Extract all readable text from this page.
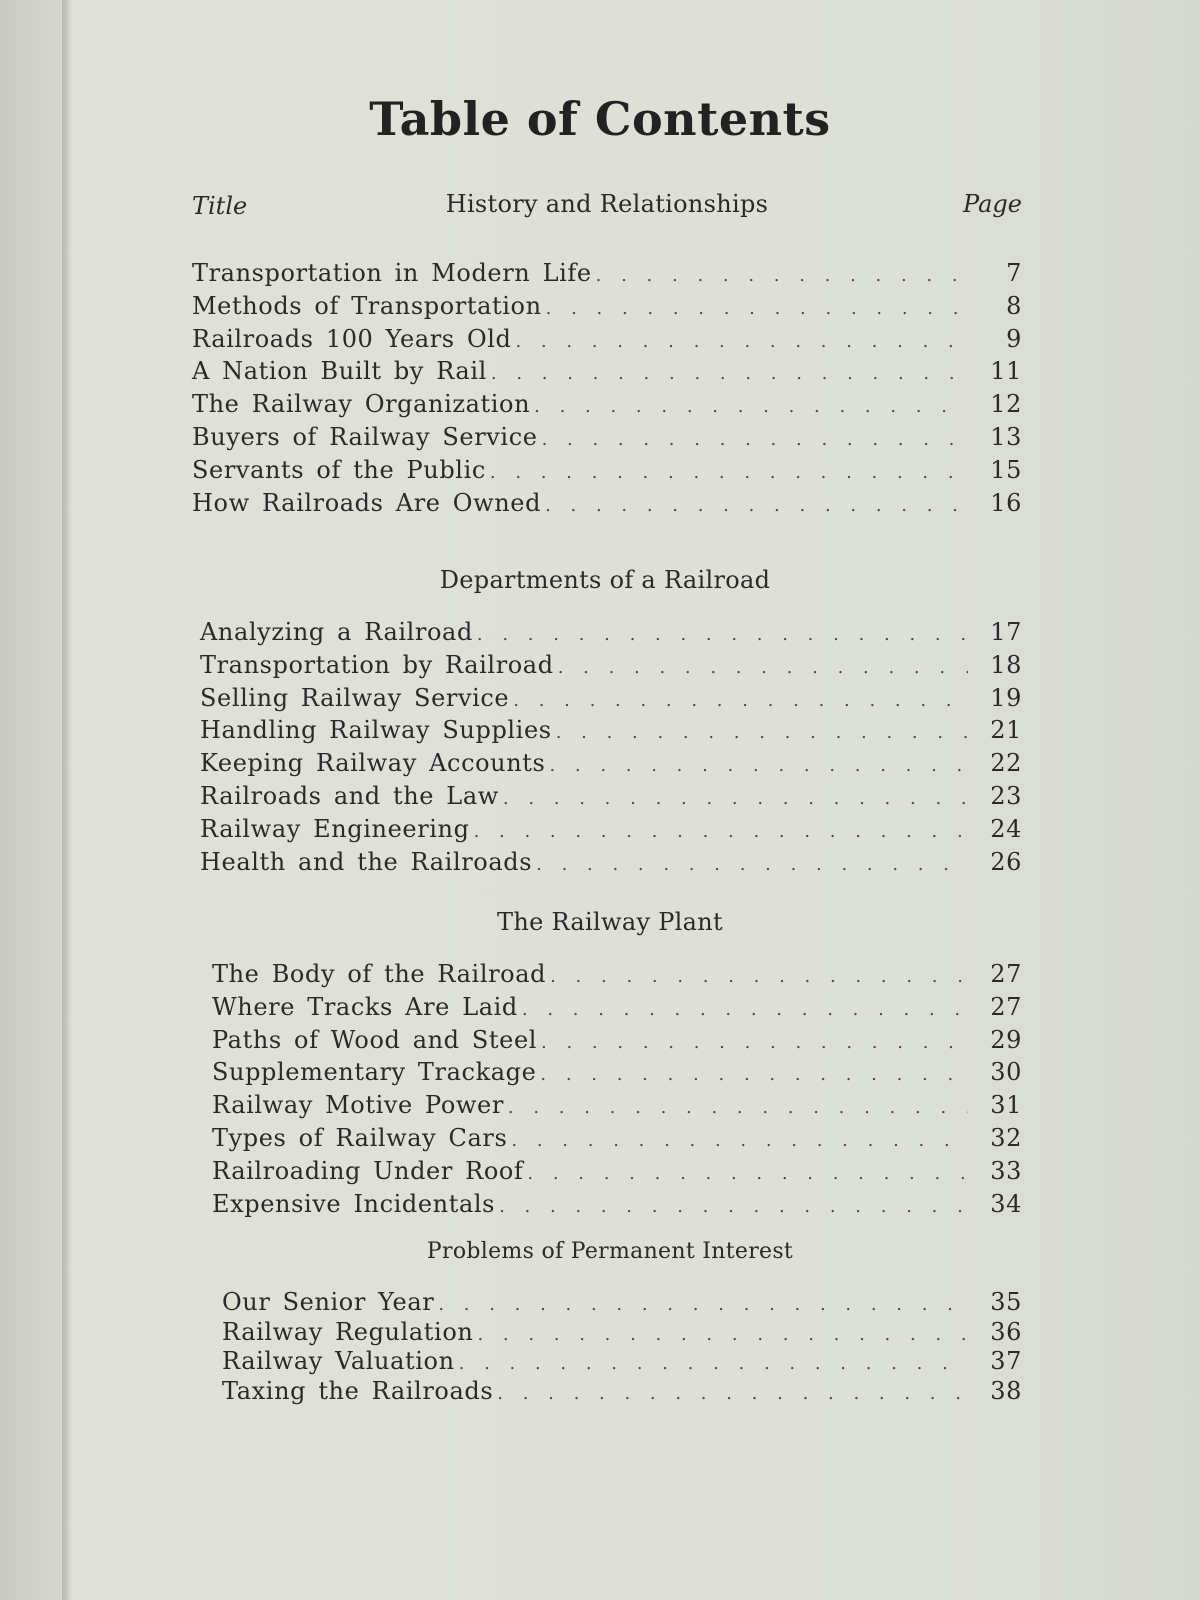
Table of Contents
Title	History and Relationships	Page
Transportation in Modern Life . . .	7
Methods of Transportation . . .	8
Railroads 100 Years Old . . .	9
A Nation Built by Rail . . .	11
The Railway Organization . . .	12
Buyers of Railway Service . . .	13
Servants of the Public . . .	15
How Railroads Are Owned . . .	16
Departments of a Railroad
Analyzing a Railroad . . .	17
Transportation by Railroad . . .	18
Selling Railway Service . . .	19
Handling Railway Supplies . . .	21
Keeping Railway Accounts . . .	22
Railroads and the Law . . .	23
Railway Engineering . . .	24
Health and the Railroads . . .	26
The Railway Plant
The Body of the Railroad . . .	27
Where Tracks Are Laid . . .	27
Paths of Wood and Steel . . .	29
Supplementary Trackage . . .	30
Railway Motive Power . . .	31
Types of Railway Cars . . .	32
Railroading Under Roof . . .	33
Expensive Incidentals . . .	34
Problems of Permanent Interest
Our Senior Year . . .	35
Railway Regulation . . .	36
Railway Valuation . . .	37
Taxing the Railroads . . .	38
